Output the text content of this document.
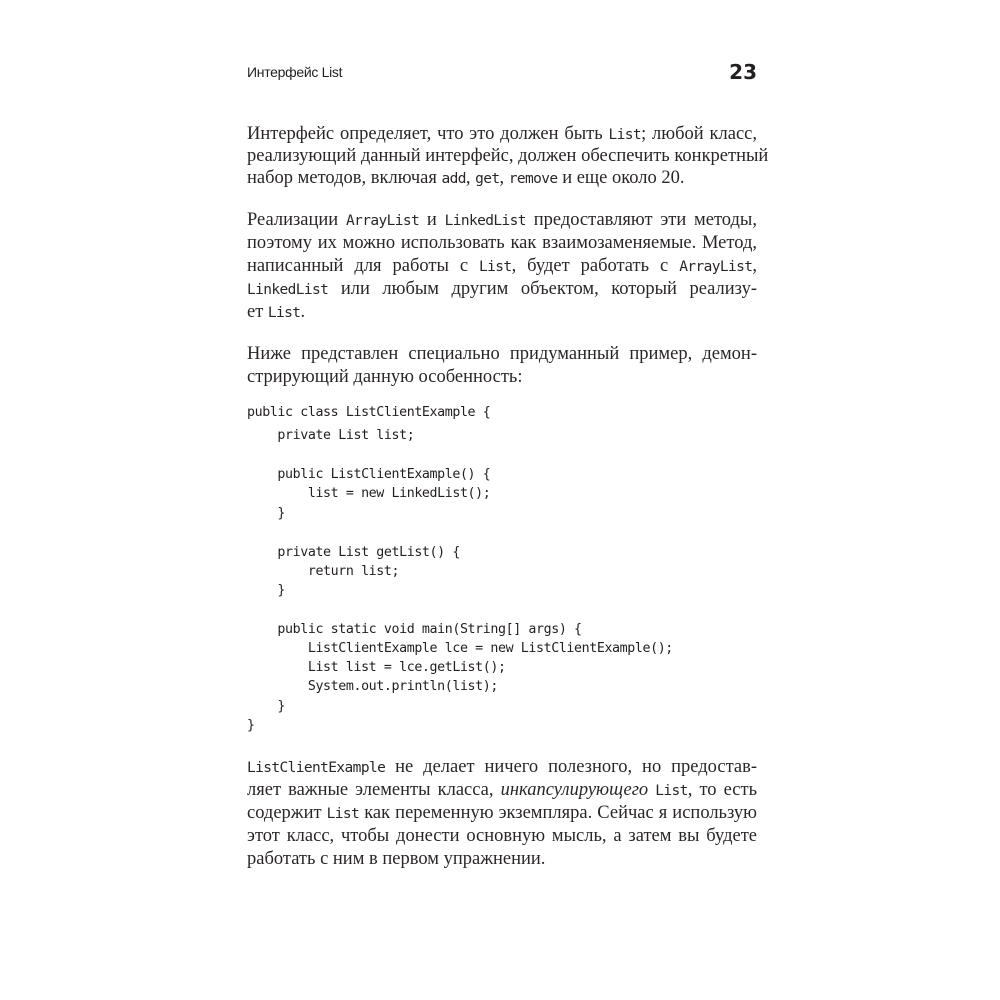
Интерфейс List	23
Интерфейс определяет, что это должен быть List; любой класс,
реализующий данный интерфейс, должен обеспечить конкретный
набор методов, включая add, get, remove и еще около 20.
Реализации ArrayList и LinkedList предоставляют эти методы,
поэтому их можно использовать как взаимозаменяемые. Метод,
написанный для работы с List, будет работать с ArrayList,
LinkedList или любым другим объектом, который реализу-
ет List.
Ниже представлен специально придуманный пример, демон-
стрирующий данную особенность:
public class ListClientExample {
private List list;
public ListClientExample() {
list = new LinkedList();
}
private List getList() {
return list;
}
public static void main(String[] args) {
ListClientExample lce = new ListClientExample();
List list = lce.getList();
System.out.println(list);
}
}
ListClientExample не делает ничего полезного, но предостав-
ляет важные элементы класса, инкапсулирующего List, то есть
содержит List как переменную экземпляра. Сейчас я использую
этот класс, чтобы донести основную мысль, а затем вы будете
работать с ним в первом упражнении.
